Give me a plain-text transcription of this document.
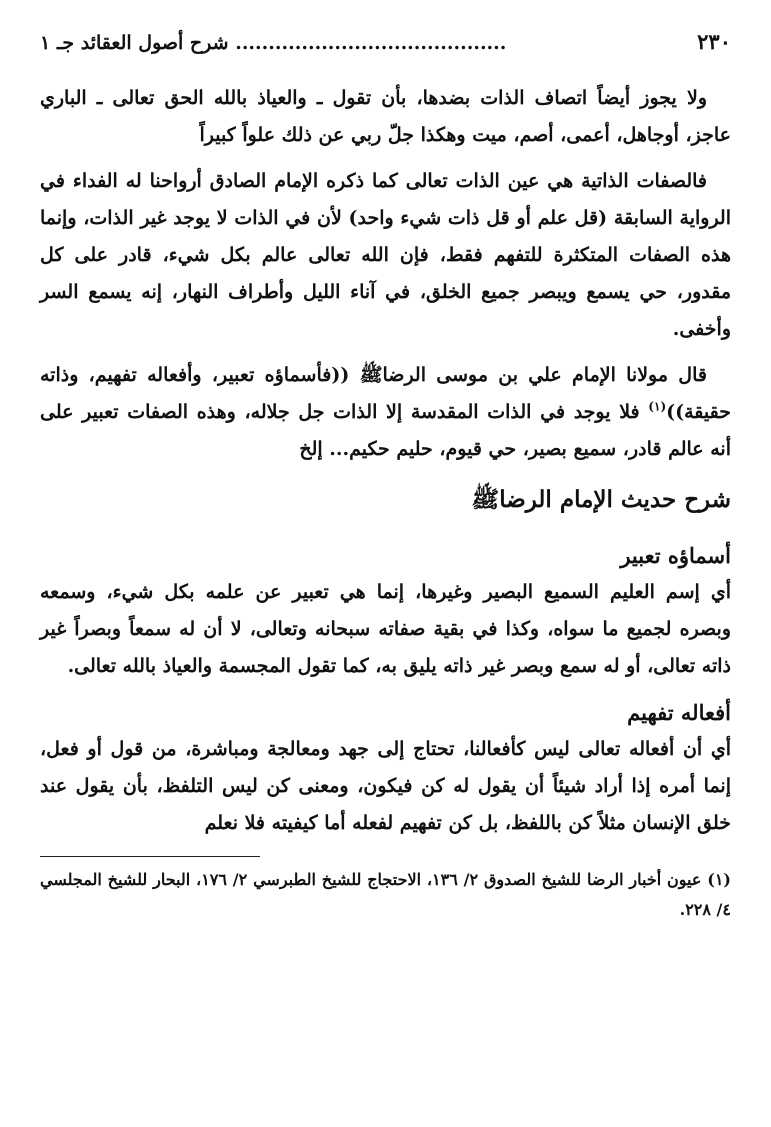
٢٣٠
......................................... شرح أصول العقائد جـ ١

ولا يجوز أيضاً اتصاف الذات بضدها، بأن تقول ـ والعياذ بالله الحق تعالى ـ الباري عاجز، أوجاهل، أعمى، أصم، ميت وهكذا جلّ ربي عن ذلك علواً كبيراً

فالصفات الذاتية هي عين الذات تعالى كما ذكره الإمام الصادق أرواحنا له الفداء في الرواية السابقة (قل علم أو قل ذات شيء واحد) لأن في الذات لا يوجد غير الذات، وإنما هذه الصفات المتكثرة للتفهم فقط، فإن الله تعالى عالم بكل شيء، قادر على كل مقدور، حي يسمع ويبصر جميع الخلق، في آناء الليل وأطراف النهار، إنه يسمع السر وأخفى.

قال مولانا الإمام علي بن موسى الرضاﷺ ((فأسماؤه تعبير، وأفعاله تفهيم، وذاته حقيقة))$^{(١)}$ فلا يوجد في الذات المقدسة إلا الذات جل جلاله، وهذه الصفات تعبير على أنه عالم قادر، سميع بصير، حي قيوم، حليم حكيم... إلخ

شرح حديث الإمام الرضاﷺ
أسماؤه تعبير

أي إسم العليم السميع البصير وغيرها، إنما هي تعبير عن علمه بكل شيء، وسمعه وبصره لجميع ما سواه، وكذا في بقية صفاته سبحانه وتعالى، لا أن له سمعاً وبصراً غير ذاته تعالى، أو له سمع وبصر غير ذاته يليق به، كما تقول المجسمة والعياذ بالله تعالى.

أفعاله تفهيم

أي أن أفعاله تعالى ليس كأفعالنا، تحتاج إلى جهد ومعالجة ومباشرة، من قول أو فعل، إنما أمره إذا أراد شيئاً أن يقول له كن فيكون، ومعنى كن ليس التلفظ، بأن يقول عند خلق الإنسان مثلاً كن باللفظ، بل كن تفهيم لفعله أما كيفيته فلا نعلم

(١) عيون أخبار الرضا للشيخ الصدوق ٢/ ١٣٦، الاحتجاج للشيخ الطبرسي ٢/ ١٧٦، البحار للشيخ المجلسي ٤/ ٢٢٨.
